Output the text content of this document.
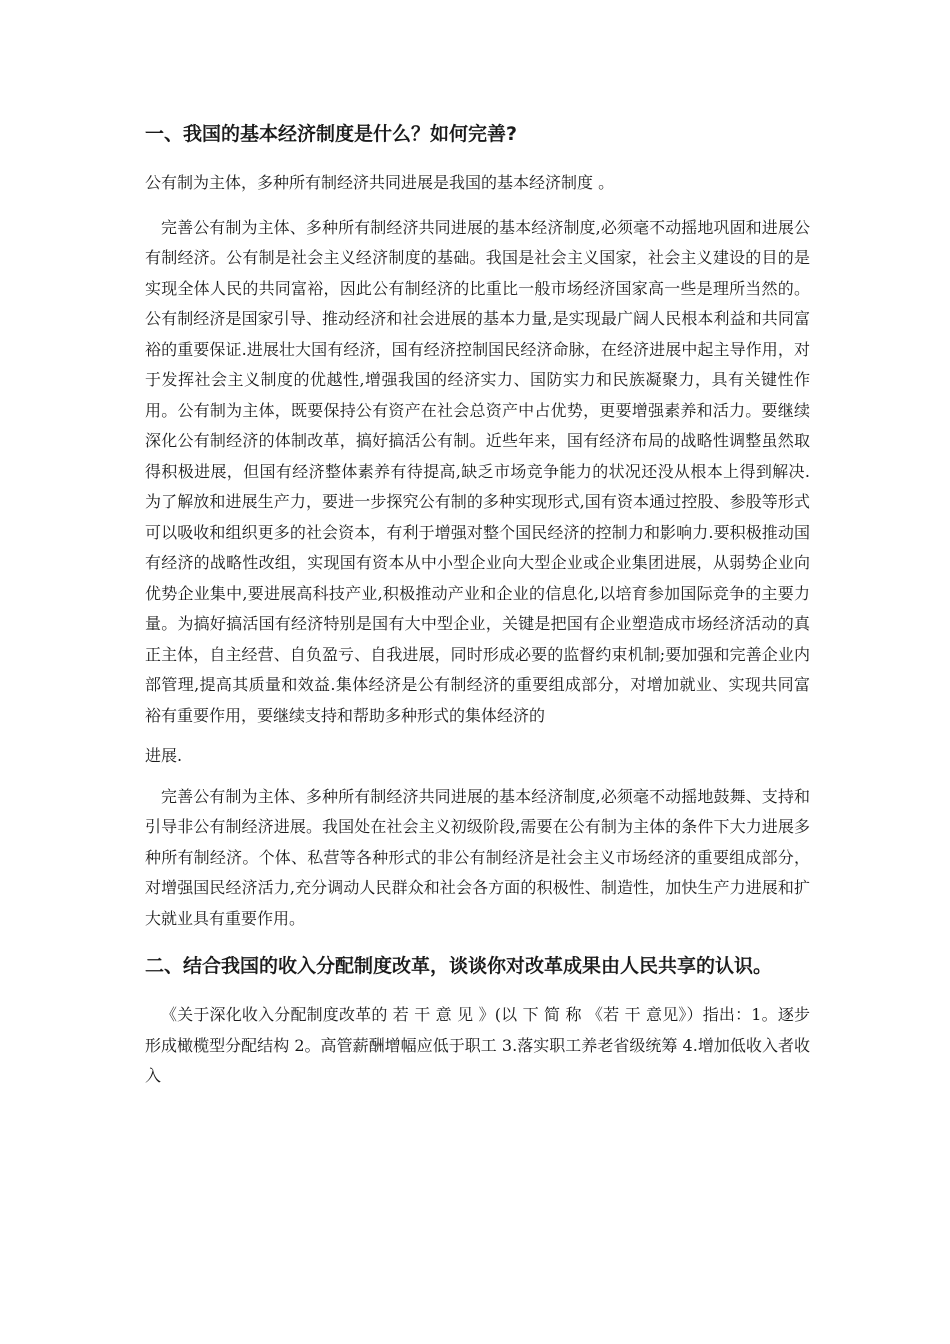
一、我国的基本经济制度是什么？如何完善?

公有制为主体，多种所有制经济共同进展是我国的基本经济制度 。

完善公有制为主体、多种所有制经济共同进展的基本经济制度,必须毫不动摇地巩固和进展公有制经济。公有制是社会主义经济制度的基础。我国是社会主义国家，社会主义建设的目的是实现全体人民的共同富裕，因此公有制经济的比重比一般市场经济国家高一些是理所当然的。公有制经济是国家引导、推动经济和社会进展的基本力量,是实现最广阔人民根本利益和共同富裕的重要保证.进展壮大国有经济，国有经济控制国民经济命脉，在经济进展中起主导作用，对于发挥社会主义制度的优越性,增强我国的经济实力、国防实力和民族凝聚力，具有关键性作用。公有制为主体，既要保持公有资产在社会总资产中占优势，更要增强素养和活力。要继续深化公有制经济的体制改革，搞好搞活公有制。近些年来，国有经济布局的战略性调整虽然取得积极进展，但国有经济整体素养有待提高,缺乏市场竞争能力的状况还没从根本上得到解决.为了解放和进展生产力，要进一步探究公有制的多种实现形式,国有资本通过控股、参股等形式可以吸收和组织更多的社会资本，有利于增强对整个国民经济的控制力和影响力.要积极推动国有经济的战略性改组，实现国有资本从中小型企业向大型企业或企业集团进展，从弱势企业向优势企业集中,要进展高科技产业,积极推动产业和企业的信息化,以培育参加国际竞争的主要力量。为搞好搞活国有经济特别是国有大中型企业，关键是把国有企业塑造成市场经济活动的真正主体，自主经营、自负盈亏、自我进展，同时形成必要的监督约束机制;要加强和完善企业内部管理,提高其质量和效益.集体经济是公有制经济的重要组成部分，对增加就业、实现共同富裕有重要作用，要继续支持和帮助多种形式的集体经济的

进展.

完善公有制为主体、多种所有制经济共同进展的基本经济制度,必须毫不动摇地鼓舞、支持和引导非公有制经济进展。我国处在社会主义初级阶段,需要在公有制为主体的条件下大力进展多种所有制经济。个体、私营等各种形式的非公有制经济是社会主义市场经济的重要组成部分，对增强国民经济活力,充分调动人民群众和社会各方面的积极性、制造性，加快生产力进展和扩大就业具有重要作用。

二、结合我国的收入分配制度改革，谈谈你对改革成果由人民共享的认识。

《关于深化收入分配制度改革的 若 干 意 见 》(以 下 简 称 《若 干 意见》）指出：1。逐步形成橄榄型分配结构 2。高管薪酬增幅应低于职工 3.落实职工养老省级统筹 4.增加低收入者收入
